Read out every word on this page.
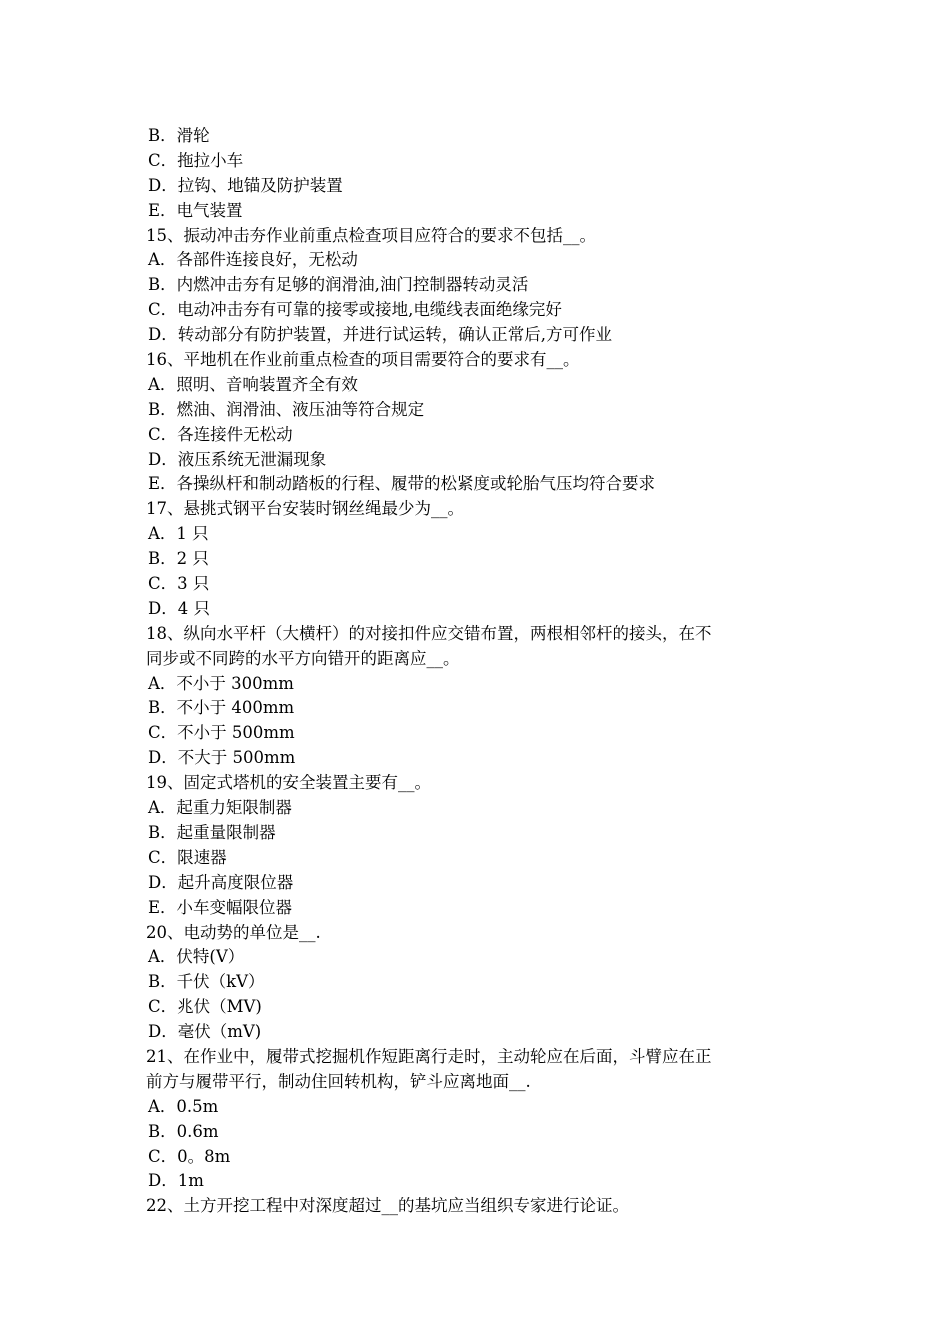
B．滑轮
C．拖拉小车
D．拉钩、地锚及防护装置
E．电气装置
15、振动冲击夯作业前重点检查项目应符合的要求不包括__。
A．各部件连接良好，无松动
B．内燃冲击夯有足够的润滑油,油门控制器转动灵活
C．电动冲击夯有可靠的接零或接地,电缆线表面绝缘完好
D．转动部分有防护装置，并进行试运转，确认正常后,方可作业
16、平地机在作业前重点检查的项目需要符合的要求有__。
A．照明、音响装置齐全有效
B．燃油、润滑油、液压油等符合规定
C．各连接件无松动
D．液压系统无泄漏现象
E．各操纵杆和制动踏板的行程、履带的松紧度或轮胎气压均符合要求
17、悬挑式钢平台安装时钢丝绳最少为__。
A．1 只
B．2 只
C．3 只
D．4 只
18、纵向水平杆（大横杆）的对接扣件应交错布置，两根相邻杆的接头，在不
同步或不同跨的水平方向错开的距离应__。
A．不小于 300mm
B．不小于 400mm
C．不小于 500mm
D．不大于 500mm
19、固定式塔机的安全装置主要有__。
A．起重力矩限制器
B．起重量限制器
C．限速器
D．起升高度限位器
E．小车变幅限位器
20、电动势的单位是__.
A．伏特(V）
B．千伏（kV）
C．兆伏（MV)
D．毫伏（mV)
21、在作业中，履带式挖掘机作短距离行走时，主动轮应在后面，斗臂应在正
前方与履带平行，制动住回转机构，铲斗应离地面__.
A．0.5m
B．0.6m
C．0。8m
D．1m
22、土方开挖工程中对深度超过__的基坑应当组织专家进行论证。
